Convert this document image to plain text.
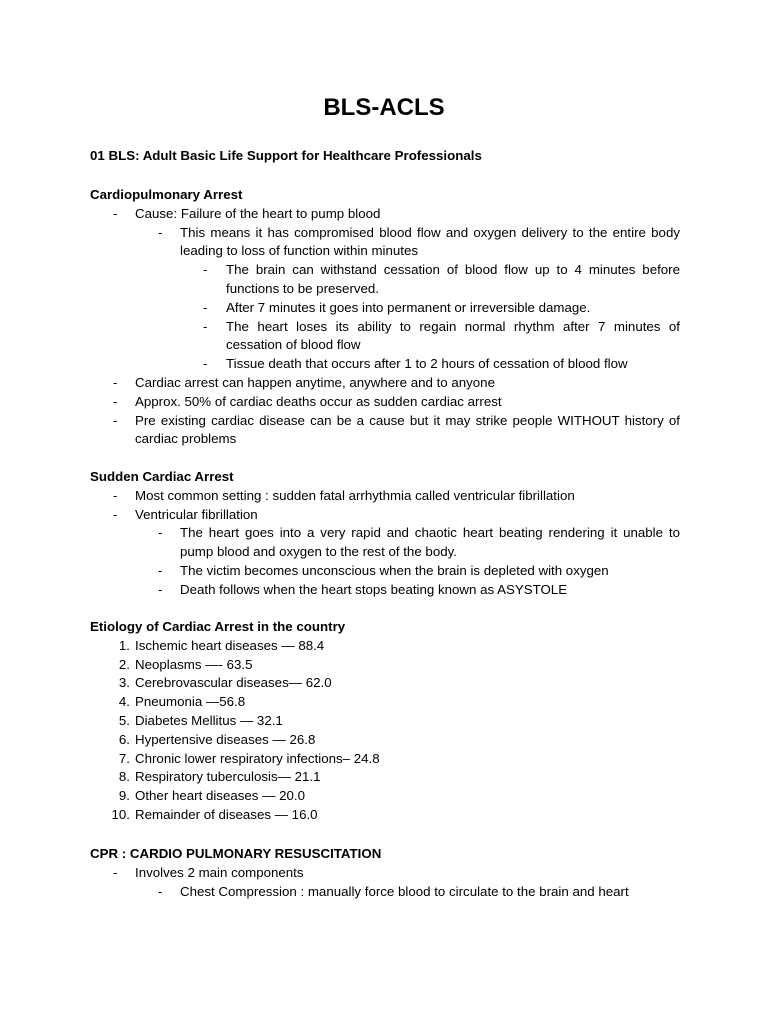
BLS-ACLS
01 BLS: Adult Basic Life Support for Healthcare Professionals
Cardiopulmonary Arrest
- Cause: Failure of the heart to pump blood
- This means it has compromised blood flow and oxygen delivery to the entire body leading to loss of function within minutes
- The brain can withstand cessation of blood flow up to 4 minutes before functions to be preserved.
- After 7 minutes it goes into permanent or irreversible damage.
- The heart loses its ability to regain normal rhythm after 7 minutes of cessation of blood flow
- Tissue death that occurs after 1 to 2 hours of cessation of blood flow
- Cardiac arrest can happen anytime, anywhere and to anyone
- Approx. 50% of cardiac deaths occur as sudden cardiac arrest
- Pre existing cardiac disease can be a cause but it may strike people WITHOUT history of cardiac problems
Sudden Cardiac Arrest
- Most common setting : sudden fatal arrhythmia called ventricular fibrillation
- Ventricular fibrillation
- The heart goes into a very rapid and chaotic heart beating rendering it unable to pump blood and oxygen to the rest of the body.
- The victim becomes unconscious when the brain is depleted with oxygen
- Death follows when the heart stops beating known as ASYSTOLE
Etiology of Cardiac Arrest in the country
1. Ischemic heart diseases — 88.4
2. Neoplasms —- 63.5
3. Cerebrovascular diseases— 62.0
4. Pneumonia —56.8
5. Diabetes Mellitus — 32.1
6. Hypertensive diseases — 26.8
7. Chronic lower respiratory infections– 24.8
8. Respiratory tuberculosis— 21.1
9. Other heart diseases — 20.0
10. Remainder of diseases — 16.0
CPR : CARDIO PULMONARY RESUSCITATION
- Involves 2 main components
- Chest Compression : manually force blood to circulate to the brain and heart
